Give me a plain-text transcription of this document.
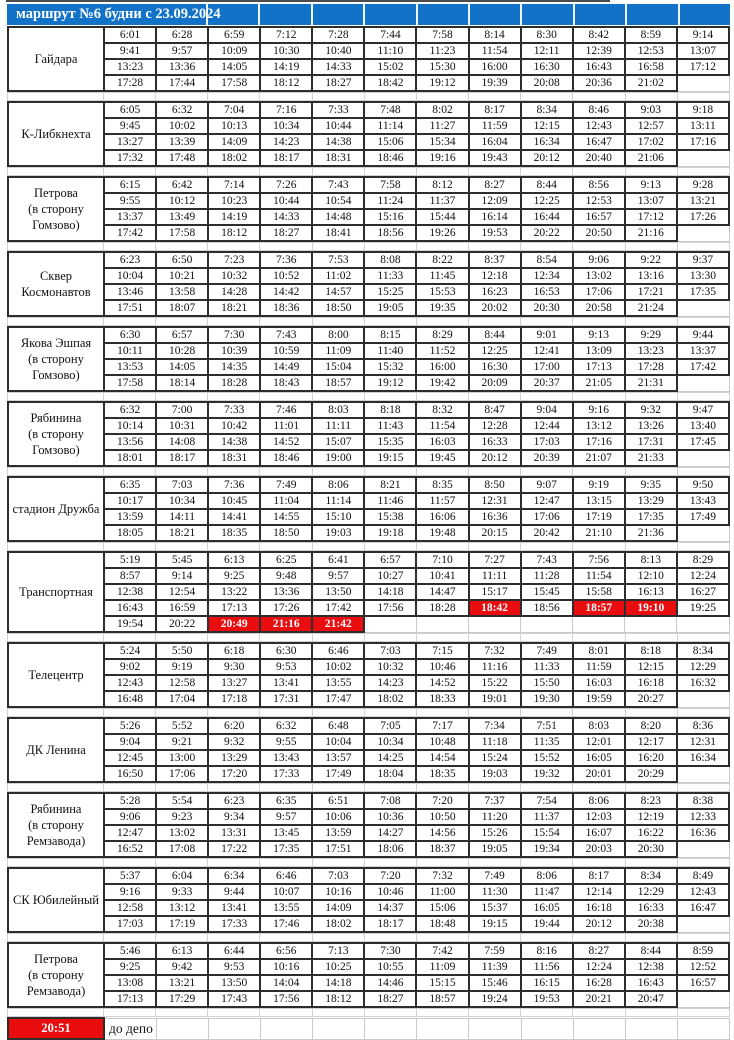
маршрут №6 будни с 23.09.2024
Гайдара	6:01	6:28	6:59	7:12	7:28	7:44	7:58	8:14	8:30	8:42	8:59	9:14
	9:41	9:57	10:09	10:30	10:40	11:10	11:23	11:54	12:11	12:39	12:53	13:07
	13:23	13:36	14:05	14:19	14:33	15:02	15:30	16:00	16:30	16:43	16:58	17:12
	17:28	17:44	17:58	18:12	18:27	18:42	19:12	19:39	20:08	20:36	21:02	

К-Либкнехта	6:05	6:32	7:04	7:16	7:33	7:48	8:02	8:17	8:34	8:46	9:03	9:18
	9:45	10:02	10:13	10:34	10:44	11:14	11:27	11:59	12:15	12:43	12:57	13:11
	13:27	13:39	14:09	14:23	14:38	15:06	15:34	16:04	16:34	16:47	17:02	17:16
	17:32	17:48	18:02	18:17	18:31	18:46	19:16	19:43	20:12	20:40	21:06	

Петрова
(в сторону
Гомзово)	6:15	6:42	7:14	7:26	7:43	7:58	8:12	8:27	8:44	8:56	9:13	9:28
	9:55	10:12	10:23	10:44	10:54	11:24	11:37	12:09	12:25	12:53	13:07	13:21
	13:37	13:49	14:19	14:33	14:48	15:16	15:44	16:14	16:44	16:57	17:12	17:26
	17:42	17:58	18:12	18:27	18:41	18:56	19:26	19:53	20:22	20:50	21:16	

Сквер
Космонавтов	6:23	6:50	7:23	7:36	7:53	8:08	8:22	8:37	8:54	9:06	9:22	9:37
	10:04	10:21	10:32	10:52	11:02	11:33	11:45	12:18	12:34	13:02	13:16	13:30
	13:46	13:58	14:28	14:42	14:57	15:25	15:53	16:23	16:53	17:06	17:21	17:35
	17:51	18:07	18:21	18:36	18:50	19:05	19:35	20:02	20:30	20:58	21:24	

Якова Эшпая
(в сторону
Гомзово)	6:30	6:57	7:30	7:43	8:00	8:15	8:29	8:44	9:01	9:13	9:29	9:44
	10:11	10:28	10:39	10:59	11:09	11:40	11:52	12:25	12:41	13:09	13:23	13:37
	13:53	14:05	14:35	14:49	15:04	15:32	16:00	16:30	17:00	17:13	17:28	17:42
	17:58	18:14	18:28	18:43	18:57	19:12	19:42	20:09	20:37	21:05	21:31	

Рябинина
(в сторону
Гомзово)	6:32	7:00	7:33	7:46	8:03	8:18	8:32	8:47	9:04	9:16	9:32	9:47
	10:14	10:31	10:42	11:01	11:11	11:43	11:54	12:28	12:44	13:12	13:26	13:40
	13:56	14:08	14:38	14:52	15:07	15:35	16:03	16:33	17:03	17:16	17:31	17:45
	18:01	18:17	18:31	18:46	19:00	19:15	19:45	20:12	20:39	21:07	21:33	

стадион Дружба	6:35	7:03	7:36	7:49	8:06	8:21	8:35	8:50	9:07	9:19	9:35	9:50
	10:17	10:34	10:45	11:04	11:14	11:46	11:57	12:31	12:47	13:15	13:29	13:43
	13:59	14:11	14:41	14:55	15:10	15:38	16:06	16:36	17:06	17:19	17:35	17:49
	18:05	18:21	18:35	18:50	19:03	19:18	19:48	20:15	20:42	21:10	21:36	

Транспортная	5:19	5:45	6:13	6:25	6:41	6:57	7:10	7:27	7:43	7:56	8:13	8:29
	8:57	9:14	9:25	9:48	9:57	10:27	10:41	11:11	11:28	11:54	12:10	12:24
	12:38	12:54	13:22	13:36	13:50	14:18	14:47	15:17	15:45	15:58	16:13	16:27
	16:43	16:59	17:13	17:26	17:42	17:56	18:28	18:42	18:56	18:57	19:10	19:25
	19:54	20:22	20:49	21:16	21:42							

Телецентр	5:24	5:50	6:18	6:30	6:46	7:03	7:15	7:32	7:49	8:01	8:18	8:34
	9:02	9:19	9:30	9:53	10:02	10:32	10:46	11:16	11:33	11:59	12:15	12:29
	12:43	12:58	13:27	13:41	13:55	14:23	14:52	15:22	15:50	16:03	16:18	16:32
	16:48	17:04	17:18	17:31	17:47	18:02	18:33	19:01	19:30	19:59	20:27	

ДК Ленина	5:26	5:52	6:20	6:32	6:48	7:05	7:17	7:34	7:51	8:03	8:20	8:36
	9:04	9:21	9:32	9:55	10:04	10:34	10:48	11:18	11:35	12:01	12:17	12:31
	12:45	13:00	13:29	13:43	13:57	14:25	14:54	15:24	15:52	16:05	16:20	16:34
	16:50	17:06	17:20	17:33	17:49	18:04	18:35	19:03	19:32	20:01	20:29	

Рябинина
(в сторону
Ремзавода)	5:28	5:54	6:23	6:35	6:51	7:08	7:20	7:37	7:54	8:06	8:23	8:38
	9:06	9:23	9:34	9:57	10:06	10:36	10:50	11:20	11:37	12:03	12:19	12:33
	12:47	13:02	13:31	13:45	13:59	14:27	14:56	15:26	15:54	16:07	16:22	16:36
	16:52	17:08	17:22	17:35	17:51	18:06	18:37	19:05	19:34	20:03	20:30	

СК Юбилейный	5:37	6:04	6:34	6:46	7:03	7:20	7:32	7:49	8:06	8:17	8:34	8:49
	9:16	9:33	9:44	10:07	10:16	10:46	11:00	11:30	11:47	12:14	12:29	12:43
	12:58	13:12	13:41	13:55	14:09	14:37	15:06	15:37	16:05	16:18	16:33	16:47
	17:03	17:19	17:33	17:46	18:02	18:17	18:48	19:15	19:44	20:12	20:38	

Петрова
(в сторону
Ремзавода)	5:46	6:13	6:44	6:56	7:13	7:30	7:42	7:59	8:16	8:27	8:44	8:59
	9:25	9:42	9:53	10:16	10:25	10:55	11:09	11:39	11:56	12:24	12:38	12:52
	13:08	13:21	13:50	14:04	14:18	14:46	15:15	15:46	16:15	16:28	16:43	16:57
	17:13	17:29	17:43	17:56	18:12	18:27	18:57	19:24	19:53	20:21	20:47	

20:51	до депо											
